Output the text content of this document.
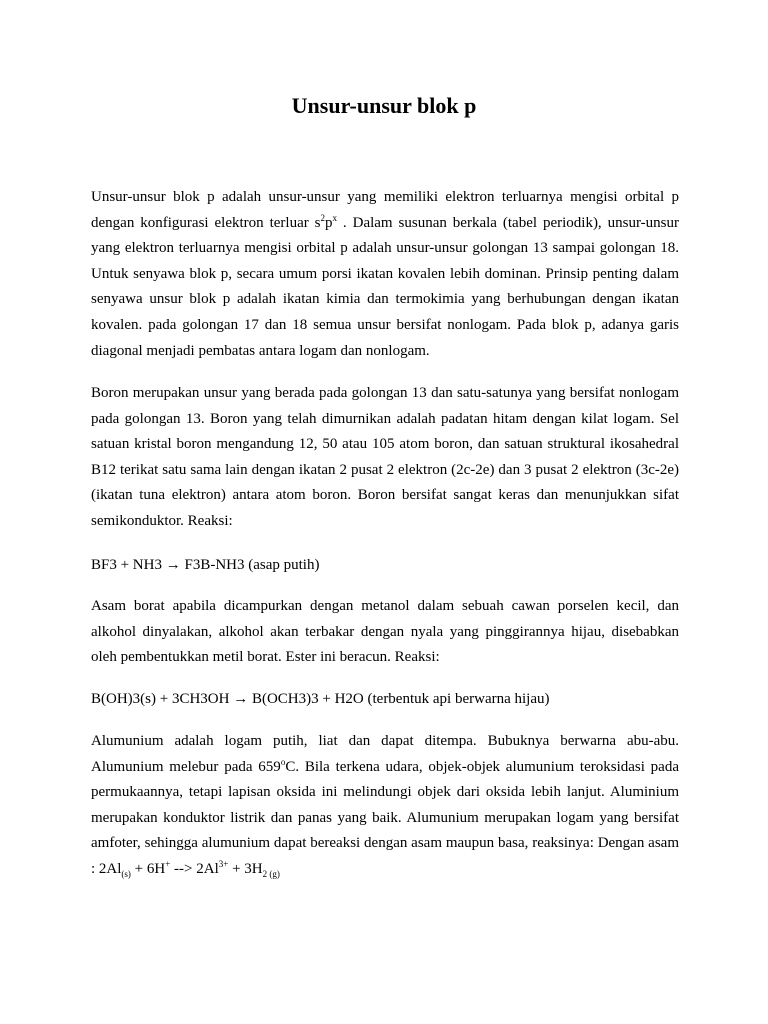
Unsur-unsur blok p

Unsur-unsur blok p adalah unsur-unsur yang memiliki elektron terluarnya mengisi orbital p dengan konfigurasi elektron terluar $s^2p^x$ . Dalam susunan berkala (tabel periodik), unsur-unsur yang elektron terluarnya mengisi orbital p adalah unsur-unsur golongan 13 sampai golongan 18. Untuk senyawa blok p, secara umum porsi ikatan kovalen lebih dominan. Prinsip penting dalam senyawa unsur blok p adalah ikatan kimia dan termokimia yang berhubungan dengan ikatan kovalen. pada golongan 17 dan 18 semua unsur bersifat nonlogam. Pada blok p, adanya garis diagonal menjadi pembatas antara logam dan nonlogam.

Boron merupakan unsur yang berada pada golongan 13 dan satu-satunya yang bersifat nonlogam pada golongan 13. Boron yang telah dimurnikan adalah padatan hitam dengan kilat logam. Sel satuan kristal boron mengandung 12, 50 atau 105 atom boron, dan satuan struktural ikosahedral B12 terikat satu sama lain dengan ikatan 2 pusat 2 elektron (2c-2e) dan 3 pusat 2 elektron (3c-2e) (ikatan tuna elektron) antara atom boron. Boron bersifat sangat keras dan menunjukkan sifat semikonduktor. Reaksi:

BF3 + NH3 → F3B-NH3 (asap putih)

Asam borat apabila dicampurkan dengan metanol dalam sebuah cawan porselen kecil, dan alkohol dinyalakan, alkohol akan terbakar dengan nyala yang pinggirannya hijau, disebabkan oleh pembentukkan metil borat. Ester ini beracun. Reaksi:

B(OH)3(s) + 3CH3OH → B(OCH3)3 + H2O (terbentuk api berwarna hijau)

Alumunium adalah logam putih, liat dan dapat ditempa. Bubuknya berwarna abu-abu. Alumunium melebur pada 659$^o$C. Bila terkena udara, objek-objek alumunium teroksidasi pada permukaannya, tetapi lapisan oksida ini melindungi objek dari oksida lebih lanjut. Aluminium merupakan konduktor listrik dan panas yang baik. Alumunium merupakan logam yang bersifat amfoter, sehingga alumunium dapat bereaksi dengan asam maupun basa, reaksinya: Dengan asam : $2Al_{(s)} + 6H^+$ --> $2Al^{3+} + 3H_2$ $_{(g)}$
